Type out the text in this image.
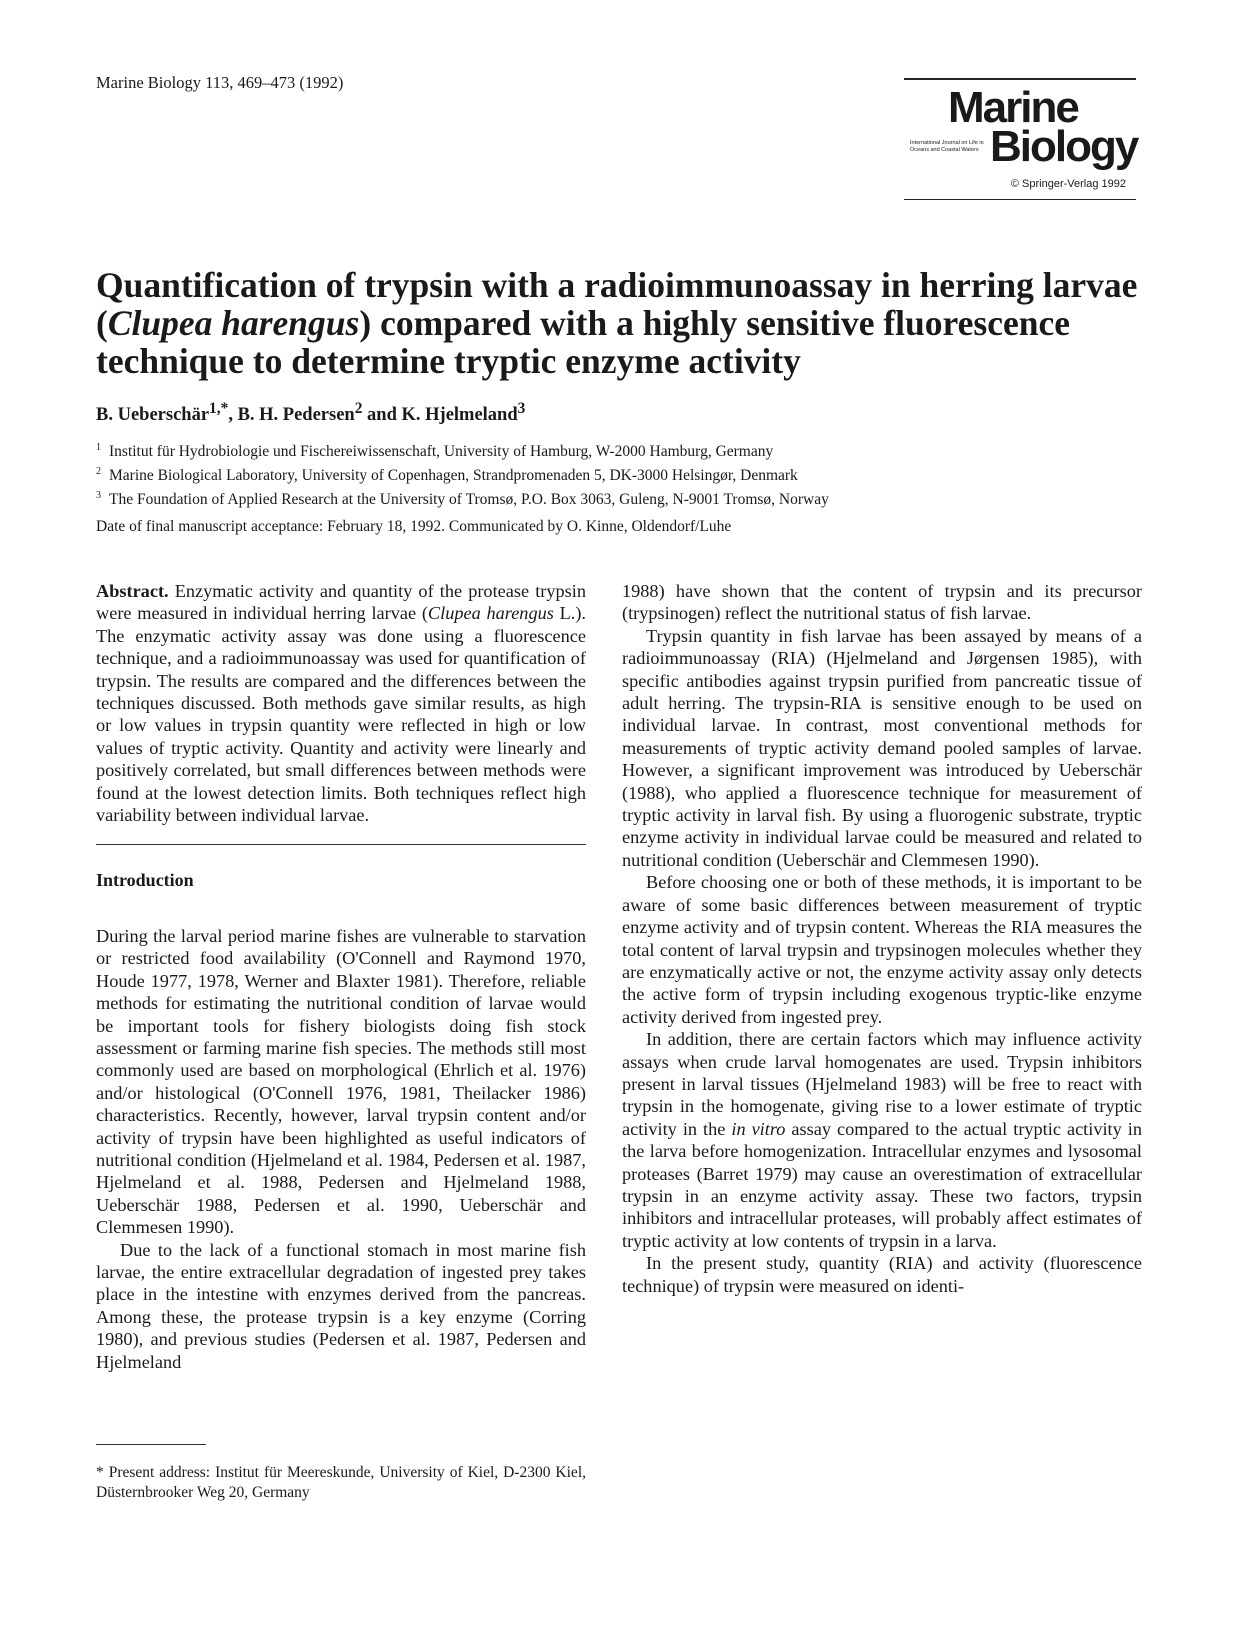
Marine Biology 113, 469–473 (1992)
Marine
International Journal on Life in Oceans and Coastal Waters Biology
© Springer-Verlag 1992
Quantification of trypsin with a radioimmunoassay in herring larvae (Clupea harengus) compared with a highly sensitive fluorescence technique to determine tryptic enzyme activity
B. Ueberschär$^{1,*}$, B. H. Pedersen$^2$ and K. Hjelmeland$^3$
$^1$ Institut für Hydrobiologie und Fischereiwissenschaft, University of Hamburg, W-2000 Hamburg, Germany
$^2$ Marine Biological Laboratory, University of Copenhagen, Strandpromenaden 5, DK-3000 Helsingør, Denmark
$^3$ The Foundation of Applied Research at the University of Tromsø, P.O. Box 3063, Guleng, N-9001 Tromsø, Norway
Date of final manuscript acceptance: February 18, 1992. Communicated by O. Kinne, Oldendorf/Luhe

Abstract. Enzymatic activity and quantity of the protease trypsin were measured in individual herring larvae (Clupea harengus L.). The enzymatic activity assay was done using a fluorescence technique, and a radioimmunoassay was used for quantification of trypsin. The results are compared and the differences between the techniques discussed. Both methods gave similar results, as high or low values in trypsin quantity were reflected in high or low values of tryptic activity. Quantity and activity were linearly and positively correlated, but small differences between methods were found at the lowest detection limits. Both techniques reflect high variability between individual larvae.

Introduction

During the larval period marine fishes are vulnerable to starvation or restricted food availability (O'Connell and Raymond 1970, Houde 1977, 1978, Werner and Blaxter 1981). Therefore, reliable methods for estimating the nutritional condition of larvae would be important tools for fishery biologists doing fish stock assessment or farming marine fish species. The methods still most commonly used are based on morphological (Ehrlich et al. 1976) and/or histological (O'Connell 1976, 1981, Theilacker 1986) characteristics. Recently, however, larval trypsin content and/or activity of trypsin have been highlighted as useful indicators of nutritional condition (Hjelmeland et al. 1984, Pedersen et al. 1987, Hjelmeland et al. 1988, Pedersen and Hjelmeland 1988, Ueberschär 1988, Pedersen et al. 1990, Ueberschär and Clemmesen 1990).

Due to the lack of a functional stomach in most marine fish larvae, the entire extracellular degradation of ingested prey takes place in the intestine with enzymes derived from the pancreas. Among these, the protease trypsin is a key enzyme (Corring 1980), and previous studies (Pedersen et al. 1987, Pedersen and Hjelmeland

1988) have shown that the content of trypsin and its precursor (trypsinogen) reflect the nutritional status of fish larvae.

Trypsin quantity in fish larvae has been assayed by means of a radioimmunoassay (RIA) (Hjelmeland and Jørgensen 1985), with specific antibodies against trypsin purified from pancreatic tissue of adult herring. The trypsin-RIA is sensitive enough to be used on individual larvae. In contrast, most conventional methods for measurements of tryptic activity demand pooled samples of larvae. However, a significant improvement was introduced by Ueberschär (1988), who applied a fluorescence technique for measurement of tryptic activity in larval fish. By using a fluorogenic substrate, tryptic enzyme activity in individual larvae could be measured and related to nutritional condition (Ueberschär and Clemmesen 1990).

Before choosing one or both of these methods, it is important to be aware of some basic differences between measurement of tryptic enzyme activity and of trypsin content. Whereas the RIA measures the total content of larval trypsin and trypsinogen molecules whether they are enzymatically active or not, the enzyme activity assay only detects the active form of trypsin including exogenous tryptic-like enzyme activity derived from ingested prey.

In addition, there are certain factors which may influence activity assays when crude larval homogenates are used. Trypsin inhibitors present in larval tissues (Hjelmeland 1983) will be free to react with trypsin in the homogenate, giving rise to a lower estimate of tryptic activity in the in vitro assay compared to the actual tryptic activity in the larva before homogenization. Intracellular enzymes and lysosomal proteases (Barret 1979) may cause an overestimation of extracellular trypsin in an enzyme activity assay. These two factors, trypsin inhibitors and intracellular proteases, will probably affect estimates of tryptic activity at low contents of trypsin in a larva.

In the present study, quantity (RIA) and activity (fluorescence technique) of trypsin were measured on identi-

* Present address: Institut für Meereskunde, University of Kiel, D-2300 Kiel, Düsternbrooker Weg 20, Germany
